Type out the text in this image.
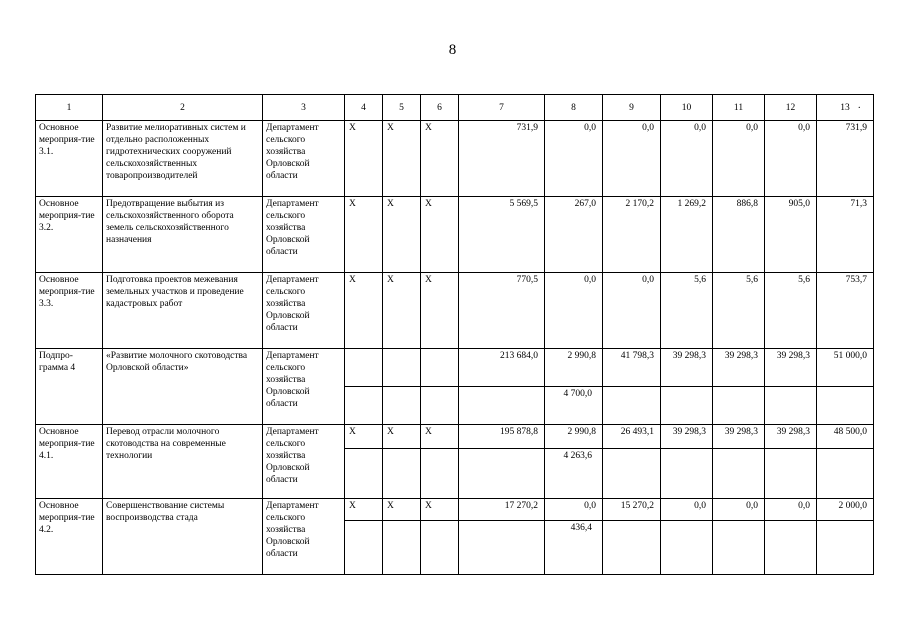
8
1	2	3	4	5	6	7	8	9	10	11	12	13
Основное мероприя-тие 3.1.	Развитие мелиоративных систем и отдельно расположенных гидротехнических сооружений сельскохозяйственных товаропроизводителей	Департамент сельского хозяйства Орловской области	Х	Х	Х	731,9	0,0	0,0	0,0	0,0	0,0	731,9
Основное мероприя-тие 3.2.	Предотвращение выбытия из сельскохозяйственного оборота земель сельскохозяйственного назначения	Департамент сельского хозяйства Орловской области	Х	Х	Х	5 569,5	267,0	2 170,2	1 269,2	886,8	905,0	71,3
Основное мероприя-тие 3.3.	Подготовка проектов межевания земельных участков и проведение кадастровых работ	Департамент сельского хозяйства Орловской области	Х	Х	Х	770,5	0,0	0,0	5,6	5,6	5,6	753,7
Подпро-грамма 4	«Развитие молочного скотоводства Орловской области»	Департамент сельского хозяйства Орловской области				213 684,0	2 990,8	41 798,3	39 298,3	39 298,3	39 298,3	51 000,0
							4 700,0					
Основное мероприя-тие 4.1.	Перевод отрасли молочного скотоводства на современные технологии	Департамент сельского хозяйства Орловской области	Х	Х	Х	195 878,8	2 990,8	26 493,1	39 298,3	39 298,3	39 298,3	48 500,0
							4 263,6					
Основное мероприя-тие 4.2.	Совершенствование системы воспроизводства стада	Департамент сельского хозяйства Орловской области	Х	Х	Х	17 270,2	0,0	15 270,2	0,0	0,0	0,0	2 000,0
							436,4					
.
